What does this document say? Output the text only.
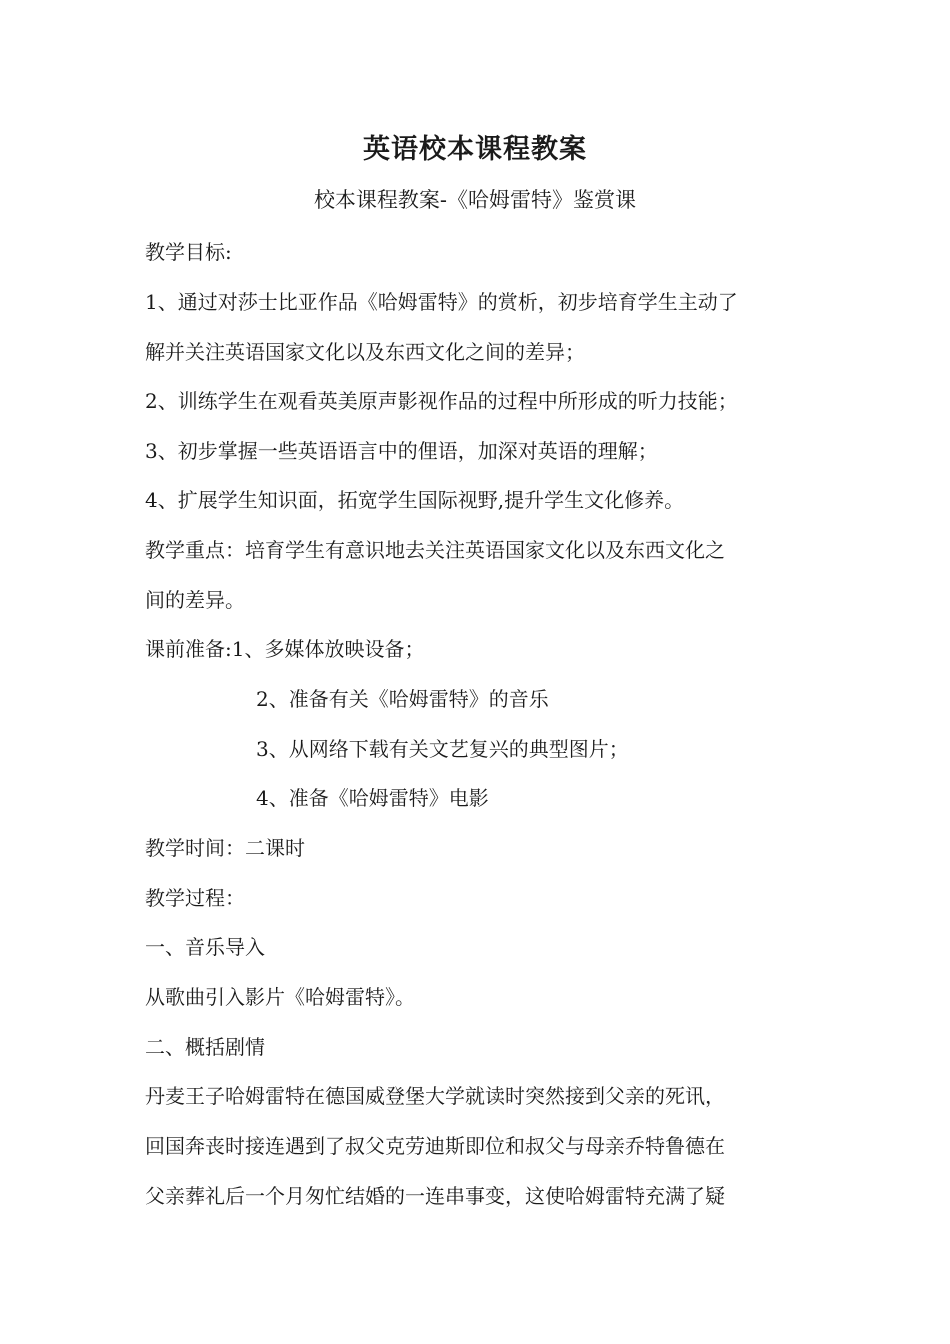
英语校本课程教案
校本课程教案-《哈姆雷特》鉴赏课
教学目标:
1、通过对莎士比亚作品《哈姆雷特》的赏析，初步培育学生主动了
解并关注英语国家文化以及东西文化之间的差异；
2、训练学生在观看英美原声影视作品的过程中所形成的听力技能；
3、初步掌握一些英语语言中的俚语，加深对英语的理解；
4、扩展学生知识面，拓宽学生国际视野,提升学生文化修养。
教学重点：培育学生有意识地去关注英语国家文化以及东西文化之
间的差异。
课前准备:1、多媒体放映设备；
2、准备有关《哈姆雷特》的音乐
3、从网络下载有关文艺复兴的典型图片；
4、准备《哈姆雷特》电影
教学时间：二课时
教学过程：
一、音乐导入
从歌曲引入影片《哈姆雷特》。
二、概括剧情
丹麦王子哈姆雷特在德国威登堡大学就读时突然接到父亲的死讯，
回国奔丧时接连遇到了叔父克劳迪斯即位和叔父与母亲乔特鲁德在
父亲葬礼后一个月匆忙结婚的一连串事变，这使哈姆雷特充满了疑
